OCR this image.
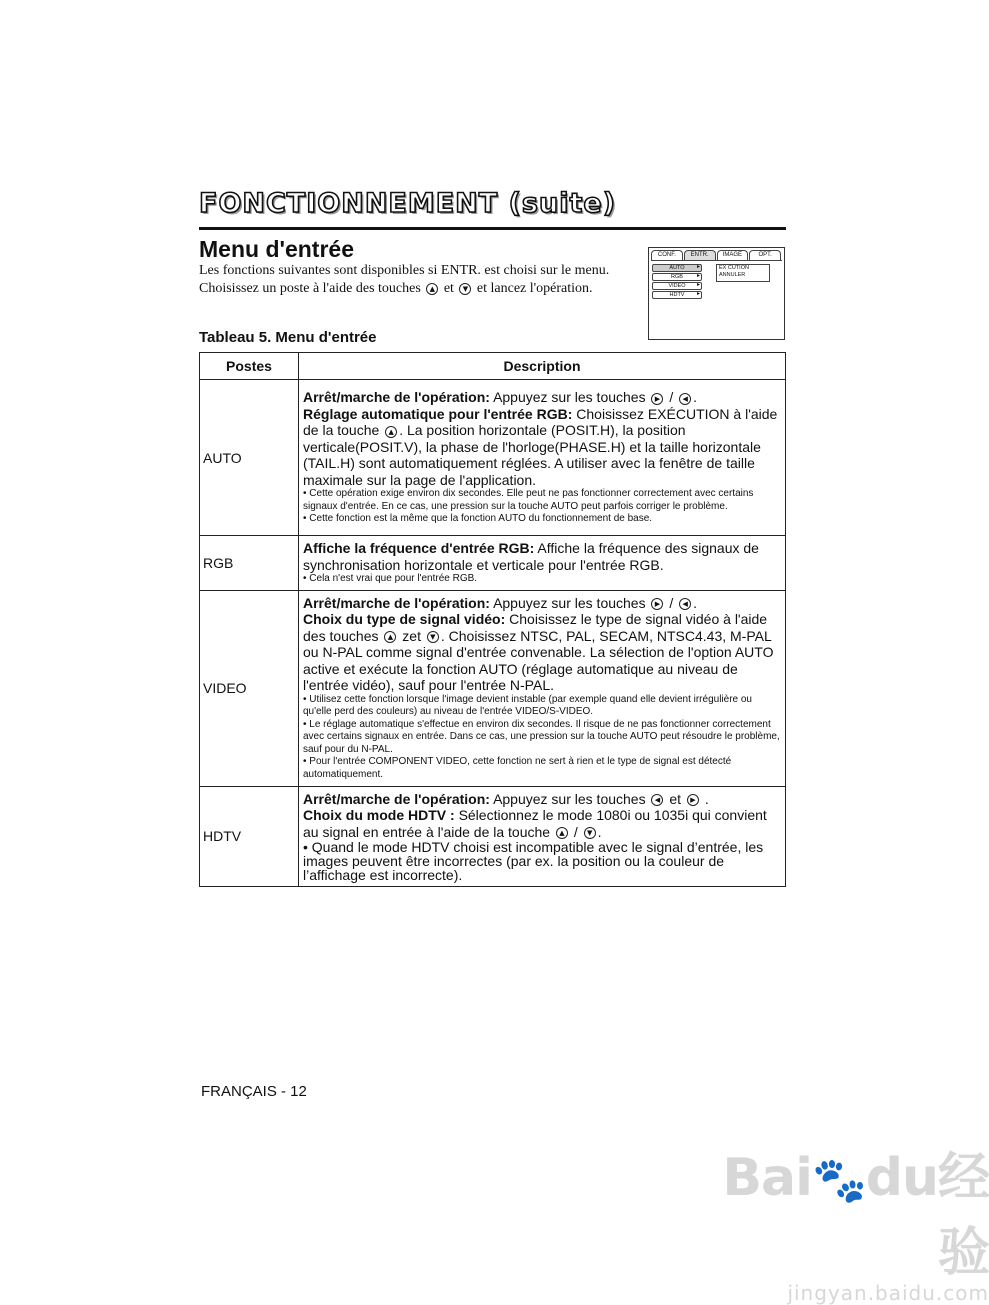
FONCTIONNEMENT (suite)
Menu d'entrée
Les fonctions suivantes sont disponibles si ENTR. est choisi sur le menu.
Choisissez un poste à l'aide des touches ▲ et ▼ et lancez l'opération.
CONF.	ENTR.	IMAGE	OPT.
AUTO ▸
RGB ▸
VIDEO ▸
HDTV ▸
EX CUTION
ANNULER
Tableau 5. Menu d'entrée
Postes	Description
AUTO	Arrêt/marche de l'opération: Appuyez sur les touches ▶ / ◀ .
Réglage automatique pour l'entrée RGB: Choisissez EXÉCUTION à l'aide de la touche ▲ . La position horizontale (POSIT.H), la position verticale(POSIT.V), la phase de l'horloge(PHASE.H) et la taille horizontale (TAIL.H) sont automatiquement réglées. A utiliser avec la fenêtre de taille maximale sur la page de l'application.
• Cette opération exige environ dix secondes. Elle peut ne pas fonctionner correctement avec certains signaux d'entrée. En ce cas, une pression sur la touche AUTO peut parfois corriger le problème.
• Cette fonction est la même que la fonction AUTO du fonctionnement de base.

RGB	Affiche la fréquence d'entrée RGB: Affiche la fréquence des signaux de synchronisation horizontale et verticale pour l'entrée RGB.
• Cela n'est vrai que pour l'entrée RGB.

VIDEO	Arrêt/marche de l'opération: Appuyez sur les touches ▶ / ◀ .
Choix du type de signal vidéo: Choisissez le type de signal vidéo à l'aide des touches ▲ zet ▼ . Choisissez NTSC, PAL, SECAM, NTSC4.43, M-PAL ou N-PAL comme signal d'entrée convenable. La sélection de l'option AUTO active et exécute la fonction AUTO (réglage automatique au niveau de l'entrée vidéo), sauf pour l'entrée N-PAL.
• Utilisez cette fonction lorsque l'image devient instable (par exemple quand elle devient irrégulière ou qu'elle perd des couleurs) au niveau de l'entrée VIDEO/S-VIDEO.
• Le réglage automatique s'effectue en environ dix secondes. Il risque de ne pas fonctionner correctement avec certains signaux en entrée. Dans ce cas, une pression sur la touche AUTO peut résoudre le problème, sauf pour du N-PAL.
• Pour l'entrée COMPONENT VIDEO, cette fonction ne sert à rien et le type de signal est détecté automatiquement.

HDTV	Arrêt/marche de l'opération: Appuyez sur les touches ◀ et ▶ .
Choix du mode HDTV : Sélectionnez le mode 1080i ou 1035i qui convient au signal en entrée à l'aide de la touche ▲ / ▼ .
• Quand le mode HDTV choisi est incompatible avec le signal d’entrée, les images peuvent être incorrectes (par ex. la position ou la couleur de l’affichage est incorrecte).
FRANÇAIS - 12
Bai🐾du经验
jingyan.baidu.com
